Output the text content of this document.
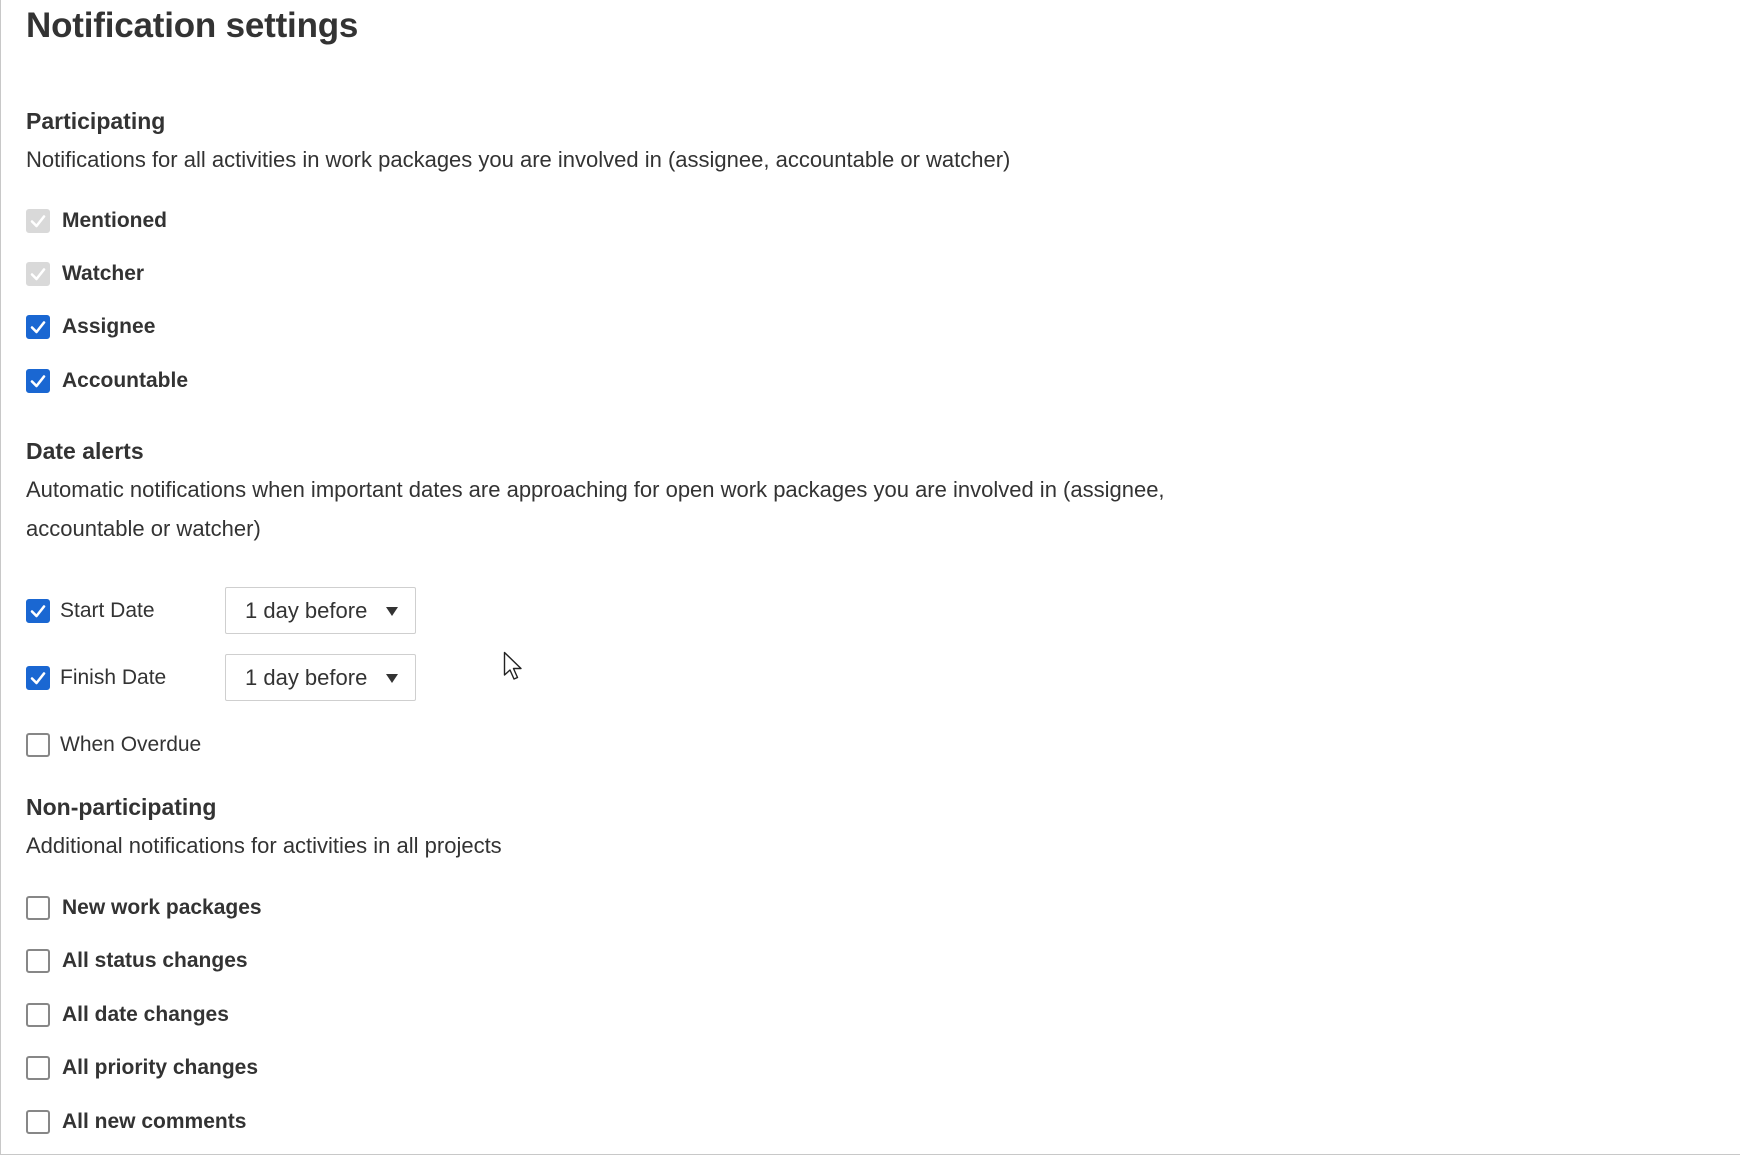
Notification settings
Participating

Notifications for all activities in work packages you are involved in (assignee, accountable or watcher)

Mentioned
Watcher
Assignee
Accountable
Date alerts

Automatic notifications when important dates are approaching for open work packages you are involved in (assignee, accountable or watcher)

Start Date	1 day before
Finish Date	1 day before
When Overdue
Non-participating

Additional notifications for activities in all projects

New work packages
All status changes
All date changes
All priority changes
All new comments
